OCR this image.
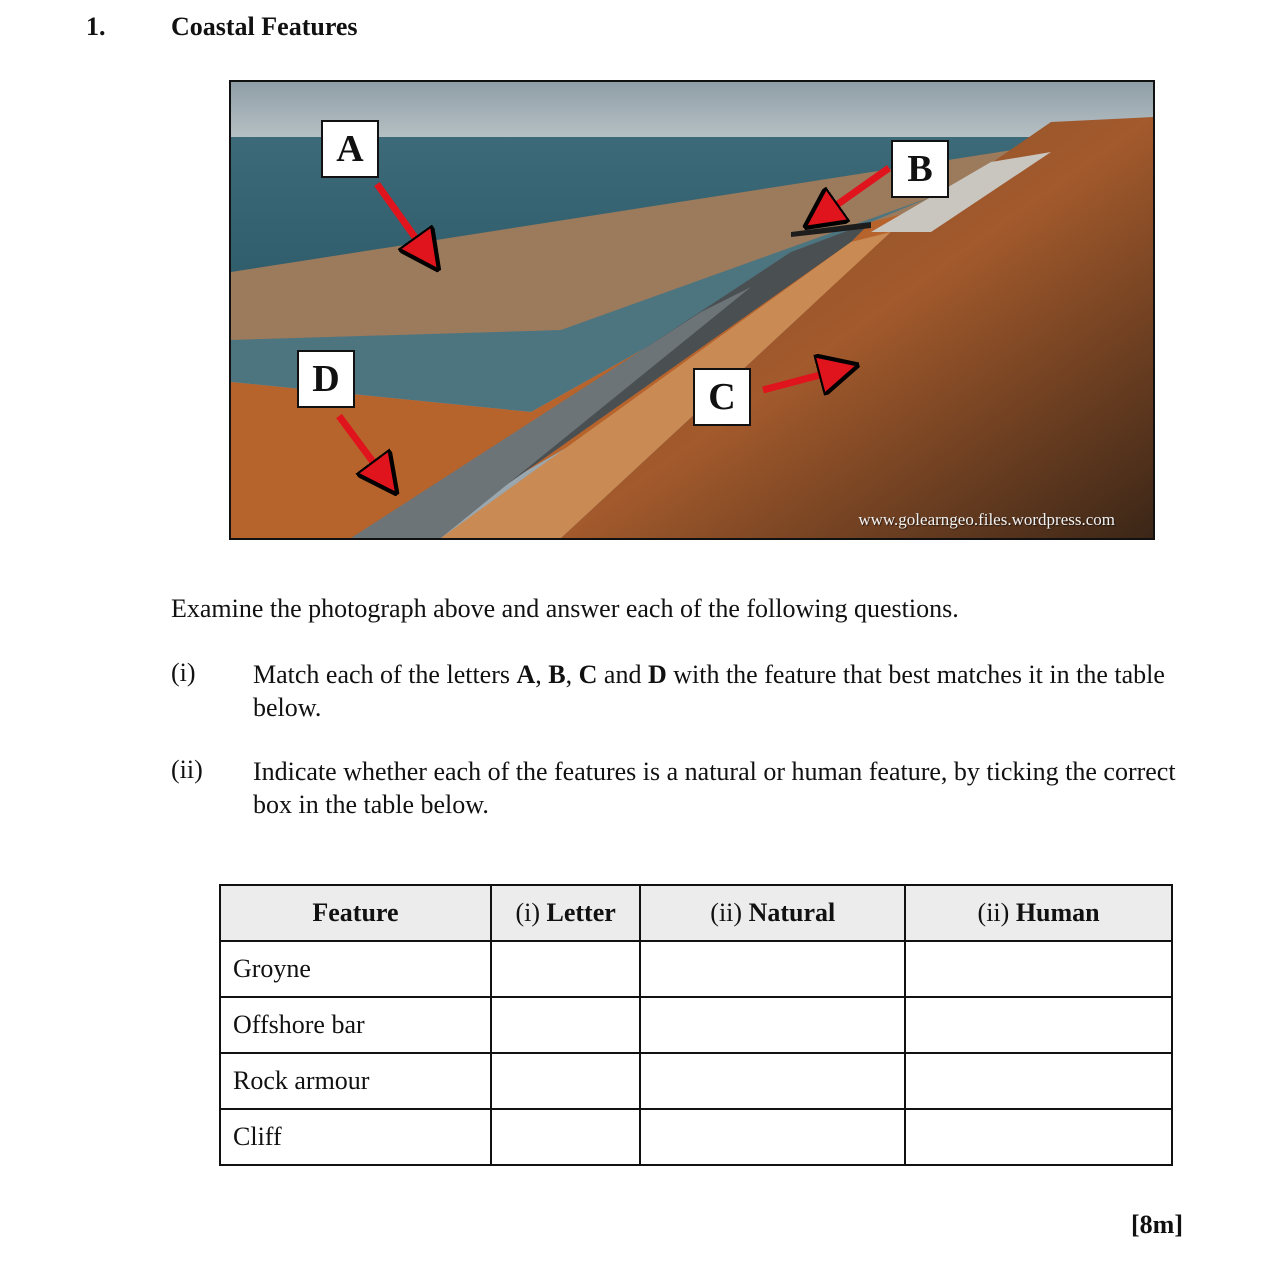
1.	Coastal Features
A	B
C
D
www.golearngeo.files.wordpress.com
Examine the photograph above and answer each of the following questions.
(i) Match each of the letters A, B, C and D with the feature that best matches it in the table below.
(ii) Indicate whether each of the features is a natural or human feature, by ticking the correct box in the table below.
Feature	(i) Letter	(ii) Natural	(ii) Human
Groyne			
Offshore bar			
Rock armour			
Cliff			
[8m]
